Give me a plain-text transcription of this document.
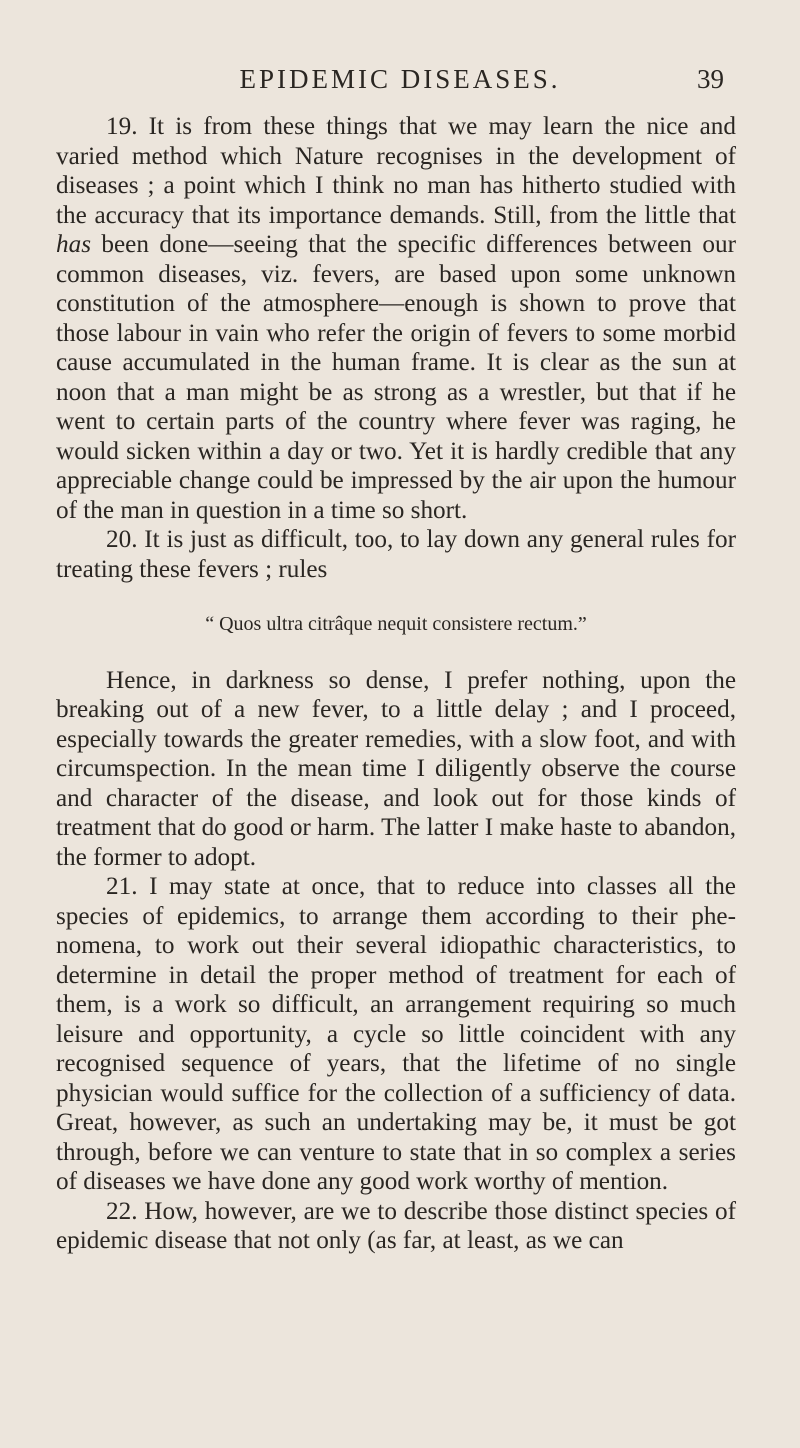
EPIDEMIC DISEASES.	39

19. It is from these things that we may learn the nice and varied method which Nature recognises in the development of diseases ; a point which I think no man has hitherto studied with the accuracy that its importance demands. Still, from the little that has been done—seeing that the specific differences between our common diseases, viz. fevers, are based upon some unknown constitution of the atmosphere—enough is shown to prove that those labour in vain who refer the origin of fevers to some morbid cause accumulated in the human frame. It is clear as the sun at noon that a man might be as strong as a wrestler, but that if he went to certain parts of the country where fever was raging, he would sicken within a day or two. Yet it is hardly credible that any appreciable change could be impressed by the air upon the humour of the man in question in a time so short.

20. It is just as difficult, too, to lay down any general rules for treating these fevers ; rules

“ Quos ultra citrâque nequit consistere rectum.”

Hence, in darkness so dense, I prefer nothing, upon the breaking out of a new fever, to a little delay ; and I proceed, especially towards the greater remedies, with a slow foot, and with circumspection. In the mean time I diligently observe the course and character of the disease, and look out for those kinds of treatment that do good or harm. The latter I make haste to abandon, the former to adopt.

21. I may state at once, that to reduce into classes all the species of epidemics, to arrange them according to their phe- nomena, to work out their several idiopathic characteristics, to determine in detail the proper method of treatment for each of them, is a work so difficult, an arrangement requiring so much leisure and opportunity, a cycle so little coincident with any recognised sequence of years, that the lifetime of no single physician would suffice for the collection of a sufficiency of data. Great, however, as such an undertaking may be, it must be got through, before we can venture to state that in so complex a series of diseases we have done any good work worthy of mention.

22. How, however, are we to describe those distinct species of epidemic disease that not only (as far, at least, as we can
